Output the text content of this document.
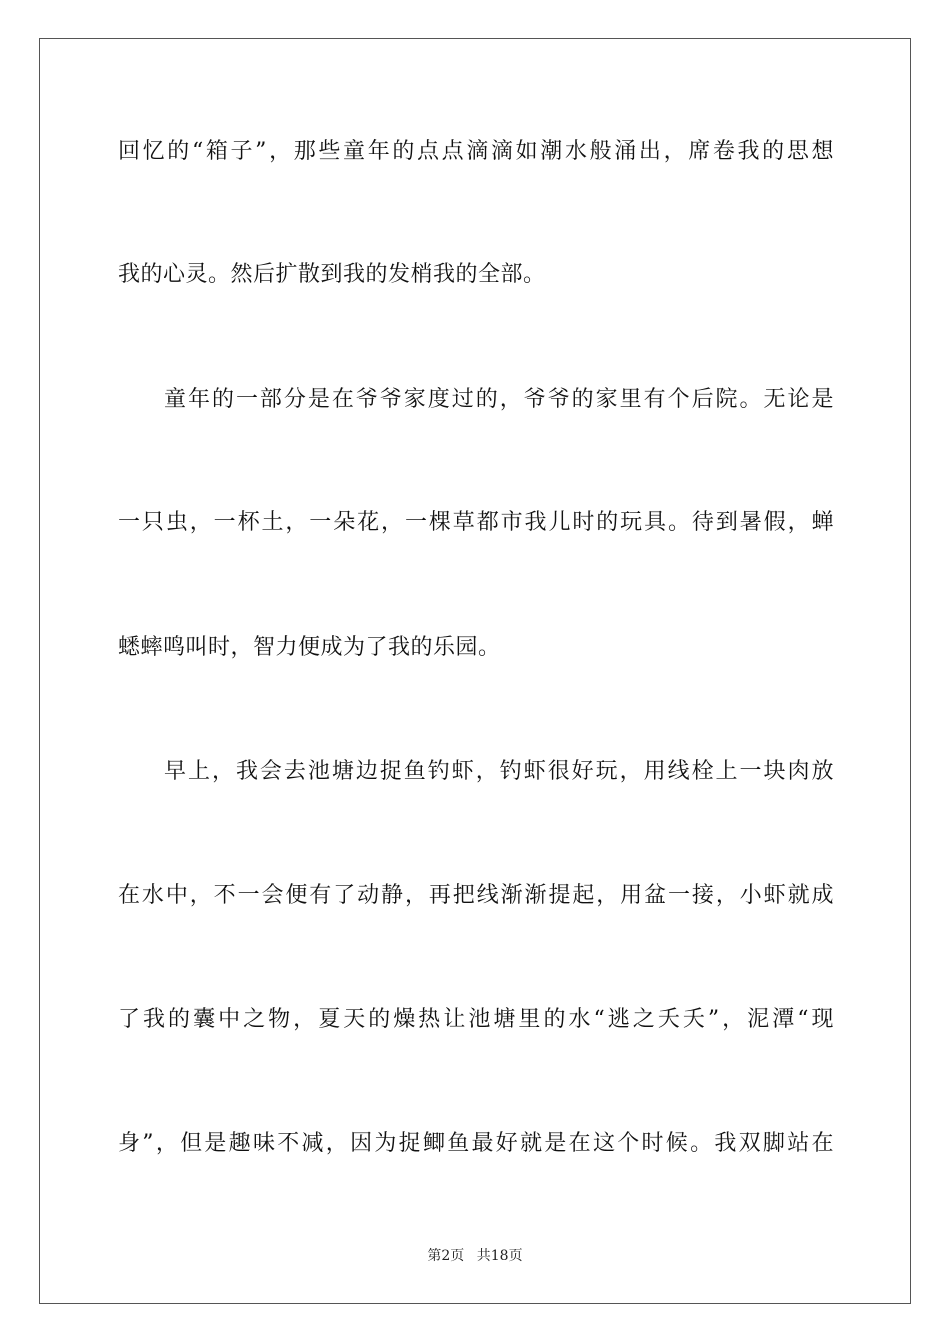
回忆的“箱子”，那些童年的点点滴滴如潮水般涌出，席卷我的思想
我的心灵。然后扩散到我的发梢我的全部。
童年的一部分是在爷爷家度过的，爷爷的家里有个后院。无论是
一只虫，一杯土，一朵花，一棵草都市我儿时的玩具。待到暑假，蝉
蟋蟀鸣叫时，智力便成为了我的乐园。
早上，我会去池塘边捉鱼钓虾，钓虾很好玩，用线栓上一块肉放
在水中，不一会便有了动静，再把线渐渐提起，用盆一接，小虾就成
了我的囊中之物，夏天的燥热让池塘里的水“逃之夭夭”，泥潭“现
身”，但是趣味不减，因为捉鲫鱼最好就是在这个时候。我双脚站在
第2页 共18页
